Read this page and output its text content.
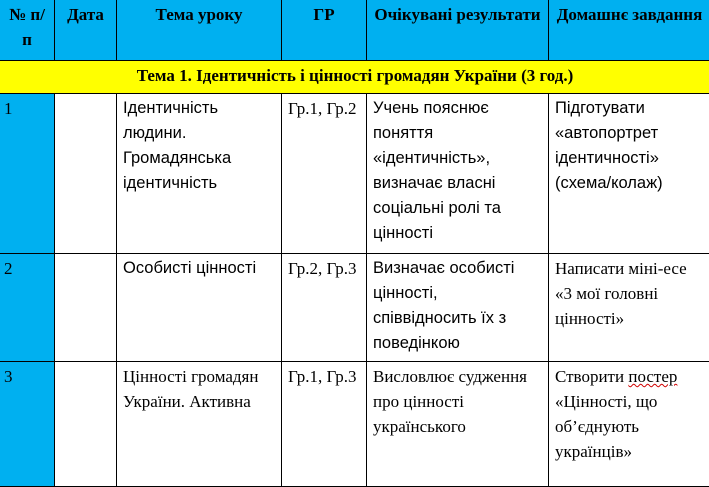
№ п/п	Дата	Тема уроку	ГР	Очікувані результати	Домашнє завдання
Тема 1. Ідентичність і цінності громадян України (3 год.)					
1		Ідентичність людини. Громадянська ідентичність	Гр.1, Гр.2	Учень пояснює поняття «ідентичність», визначає власні соціальні ролі та цінності	Підготувати «автопортрет ідентичності» (схема/колаж)
2		Особисті цінності	Гр.2, Гр.3	Визначає особисті цінності, співвідносить їх з поведінкою	Написати міні-есе «3 мої головні цінності»
3		Цінності громадян України. Активна	Гр.1, Гр.3	Висловлює судження про цінності українського	Створити постер «Цінності, що об’єднують українців»
